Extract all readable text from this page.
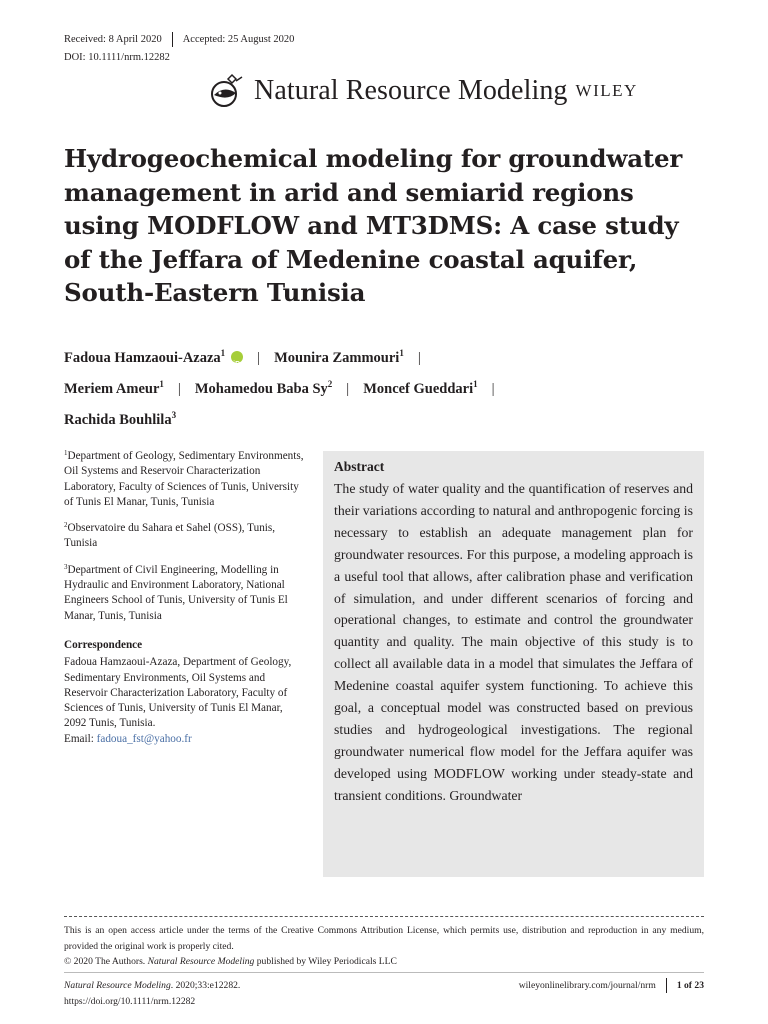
Received: 8 April 2020 Accepted: 25 August 2020
DOI: 10.1111/nrm.12282
Natural Resource Modeling WILEY
Hydrogeochemical modeling for groundwater management in arid and semiarid regions using MODFLOW and MT3DMS: A case study of the Jeffara of Medenine coastal aquifer, South-Eastern Tunisia
Fadoua Hamzaoui-Azaza$^1$iD | Mounira Zammouri$^1$ |
Meriem Ameur$^1$ | Mohamedou Baba Sy$^2$ | Moncef Gueddari$^1$ |
Rachida Bouhlila$^3$

$^1$Department of Geology, Sedimentary Environments, Oil Systems and Reservoir Characterization Laboratory, Faculty of Sciences of Tunis, University of Tunis El Manar, Tunis, Tunisia

$^2$Observatoire du Sahara et Sahel (OSS), Tunis, Tunisia

$^3$Department of Civil Engineering, Modelling in Hydraulic and Environment Laboratory, National Engineers School of Tunis, University of Tunis El Manar, Tunis, Tunisia

Correspondence
Fadoua Hamzaoui-Azaza, Department of Geology, Sedimentary Environments, Oil Systems and Reservoir Characterization Laboratory, Faculty of Sciences of Tunis, University of Tunis El Manar, 2092 Tunis, Tunisia.
Email: fadoua_fst@yahoo.fr
Abstract
The study of water quality and the quantification of reserves and their variations according to natural and anthropogenic forcing is necessary to establish an adequate management plan for groundwater resources. For this purpose, a modeling approach is a useful tool that allows, after calibration phase and verification of simulation, and under different scenarios of forcing and operational changes, to estimate and control the groundwater quantity and quality. The main objective of this study is to collect all available data in a model that simulates the Jeffara of Medenine coastal aquifer system functioning. To achieve this goal, a conceptual model was constructed based on previous studies and hydrogeological investigations. The regional groundwater numerical flow model for the Jeffara aquifer was developed using MODFLOW working under steady-state and transient conditions. Groundwater
This is an open access article under the terms of the Creative Commons Attribution License, which permits use, distribution and reproduction in any medium, provided the original work is properly cited.
© 2020 The Authors. Natural Resource Modeling published by Wiley Periodicals LLC
Natural Resource Modeling. 2020;33:e12282.
https://doi.org/10.1111/nrm.12282
wileyonlinelibrary.com/journal/nrm 1 of 23
